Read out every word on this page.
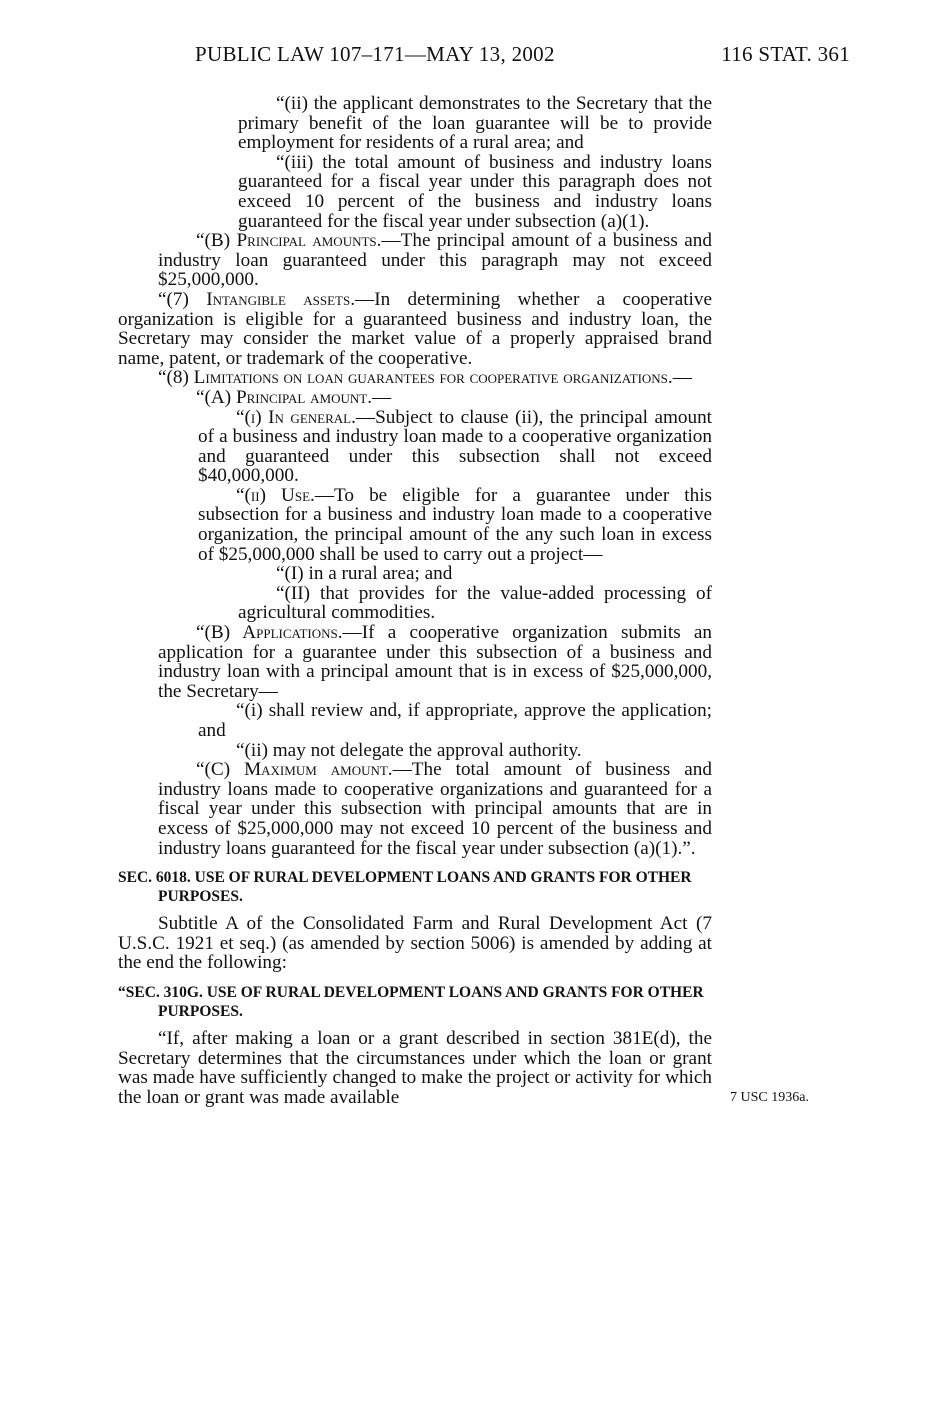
PUBLIC LAW 107–171—MAY 13, 2002	116 STAT. 361

“(ii) the applicant demonstrates to the Secretary that the primary benefit of the loan guarantee will be to provide employment for residents of a rural area; and

“(iii) the total amount of business and industry loans guaranteed for a fiscal year under this paragraph does not exceed 10 percent of the business and industry loans guaranteed for the fiscal year under subsection (a)(1).

“(B) Principal amounts.—The principal amount of a business and industry loan guaranteed under this paragraph may not exceed $25,000,000.

“(7) Intangible assets.—In determining whether a cooperative organization is eligible for a guaranteed business and industry loan, the Secretary may consider the market value of a properly appraised brand name, patent, or trademark of the cooperative.

“(8) Limitations on loan guarantees for cooperative organizations.—

“(A) Principal amount.—

“(i) In general.—Subject to clause (ii), the principal amount of a business and industry loan made to a cooperative organization and guaranteed under this subsection shall not exceed $40,000,000.

“(ii) Use.—To be eligible for a guarantee under this subsection for a business and industry loan made to a cooperative organization, the principal amount of the any such loan in excess of $25,000,000 shall be used to carry out a project—

“(I) in a rural area; and

“(II) that provides for the value-added processing of agricultural commodities.

“(B) Applications.—If a cooperative organization submits an application for a guarantee under this subsection of a business and industry loan with a principal amount that is in excess of $25,000,000, the Secretary—

“(i) shall review and, if appropriate, approve the application; and

“(ii) may not delegate the approval authority.

“(C) Maximum amount.—The total amount of business and industry loans made to cooperative organizations and guaranteed for a fiscal year under this subsection with principal amounts that are in excess of $25,000,000 may not exceed 10 percent of the business and industry loans guaranteed for the fiscal year under subsection (a)(1).”.

SEC. 6018. USE OF RURAL DEVELOPMENT LOANS AND GRANTS FOR OTHER PURPOSES.

Subtitle A of the Consolidated Farm and Rural Development Act (7 U.S.C. 1921 et seq.) (as amended by section 5006) is amended by adding at the end the following:

“SEC. 310G. USE OF RURAL DEVELOPMENT LOANS AND GRANTS FOR OTHER PURPOSES.

“If, after making a loan or a grant described in section 381E(d), the Secretary determines that the circumstances under which the loan or grant was made have sufficiently changed to make the project or activity for which the loan or grant was made available	7 USC 1936a.
